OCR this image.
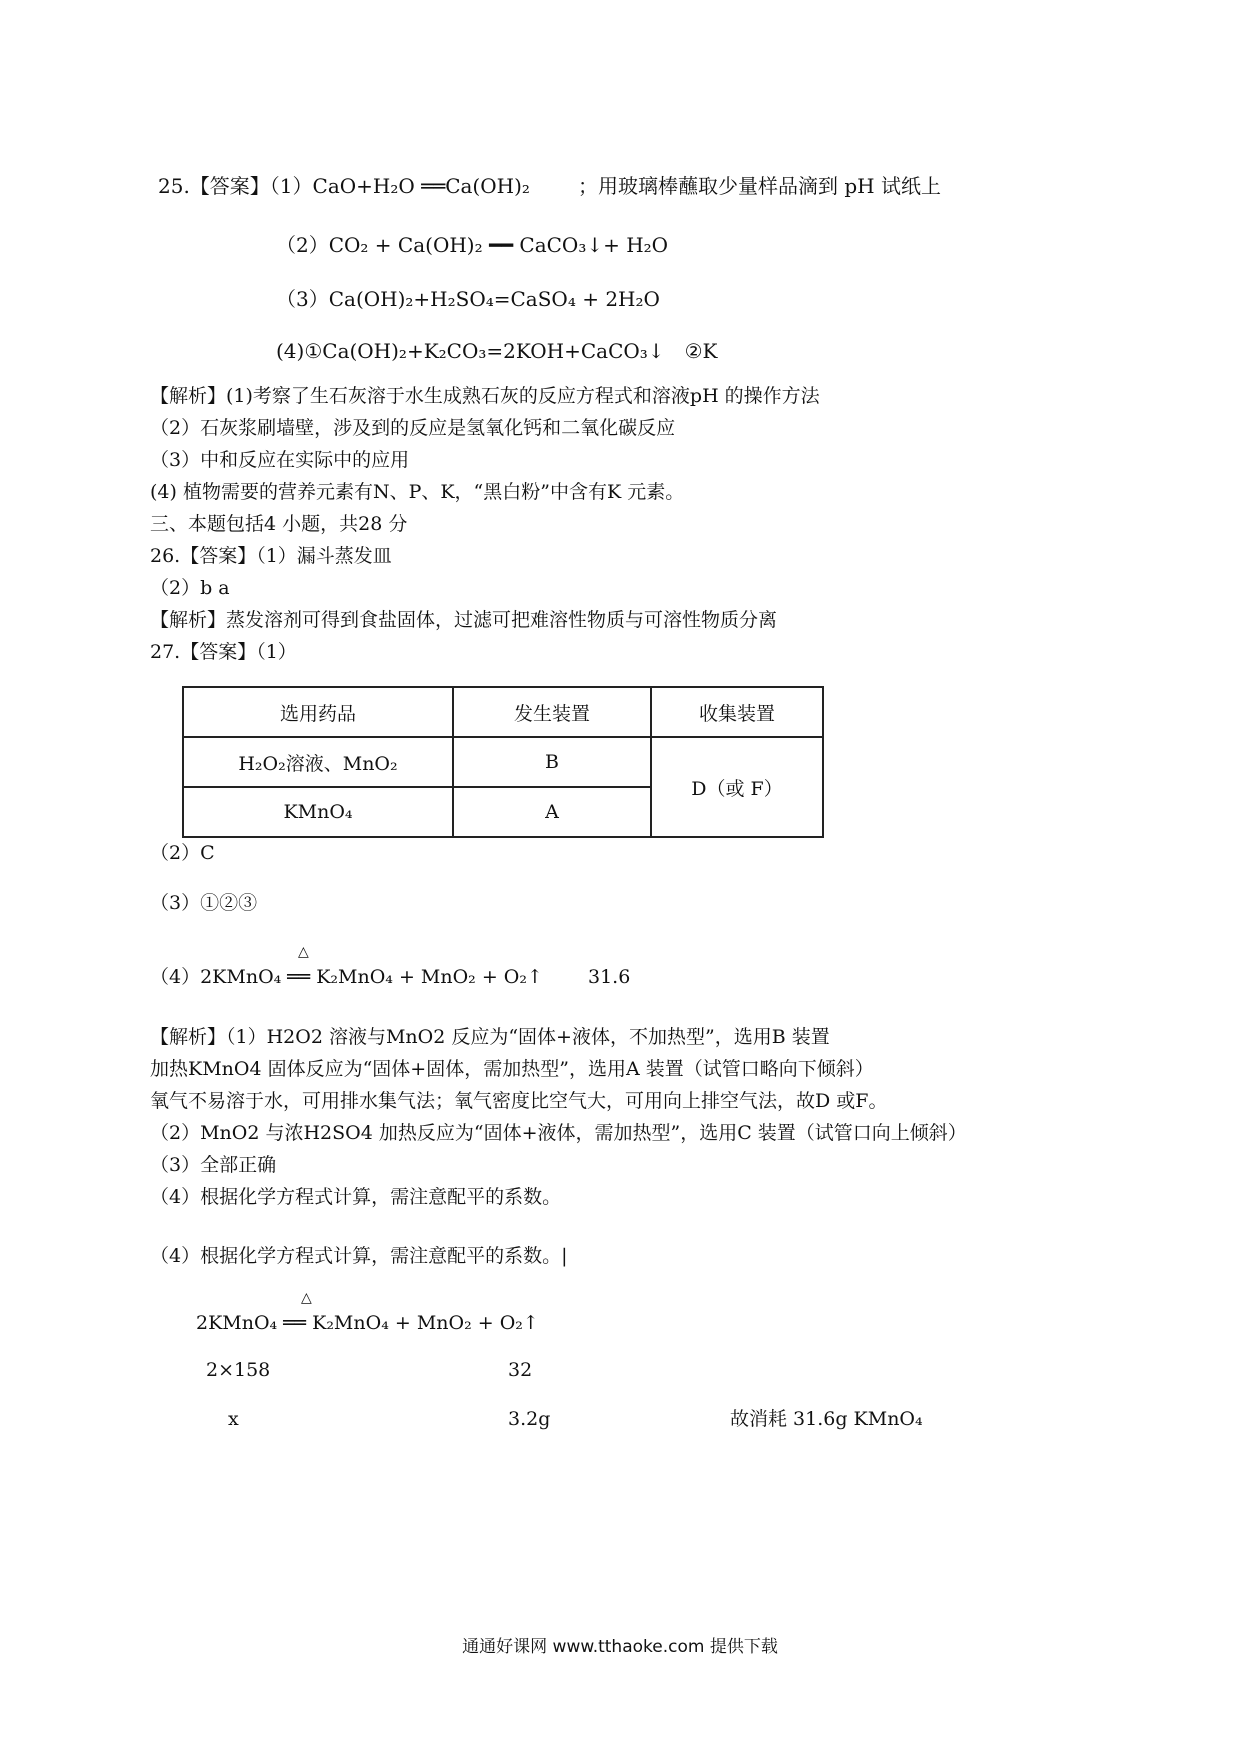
25.【答案】（1）CaO+H₂O ══Ca(OH)₂ ；用玻璃棒蘸取少量样品滴到 pH 试纸上
（2）CO₂ + Ca(OH)₂ ━━ CaCO₃↓+ H₂O
（3）Ca(OH)₂+H₂SO₄=CaSO₄ + 2H₂O
(4)①Ca(OH)₂+K₂CO₃=2KOH+CaCO₃↓　②K
【解析】(1)考察了生石灰溶于水生成熟石灰的反应方程式和溶液pH 的操作方法
（2）石灰浆刷墙壁，涉及到的反应是氢氧化钙和二氧化碳反应
（3）中和反应在实际中的应用
(4) 植物需要的营养元素有N、P、K，“黑白粉”中含有K 元素。
三、本题包括4 小题，共28 分
26.【答案】（1）漏斗蒸发皿
（2）b a
【解析】蒸发溶剂可得到食盐固体，过滤可把难溶性物质与可溶性物质分离
27.【答案】（1）
选用药品	发生装置	收集装置
H₂O₂溶液、MnO₂	B	D（或 F）
KMnO₄	A	
（2）C
（3）①②③
△
（4）2KMnO₄ ══ K₂MnO₄ + MnO₂ + O₂↑ 31.6
【解析】（1）H2O2 溶液与MnO2 反应为“固体+液体，不加热型”，选用B 装置
加热KMnO4 固体反应为“固体+固体，需加热型”，选用A 装置（试管口略向下倾斜）
氧气不易溶于水，可用排水集气法；氧气密度比空气大，可用向上排空气法，故D 或F。
（2）MnO2 与浓H2SO4 加热反应为“固体+液体，需加热型”，选用C 装置（试管口向上倾斜）
（3）全部正确
（4）根据化学方程式计算，需注意配平的系数。
（4）根据化学方程式计算，需注意配平的系数。|
△
2KMnO₄ ══ K₂MnO₄ + MnO₂ + O₂↑
2×158	32
x	3.2g	故消耗 31.6g KMnO₄
通通好课网 www.tthaoke.com 提供下载
